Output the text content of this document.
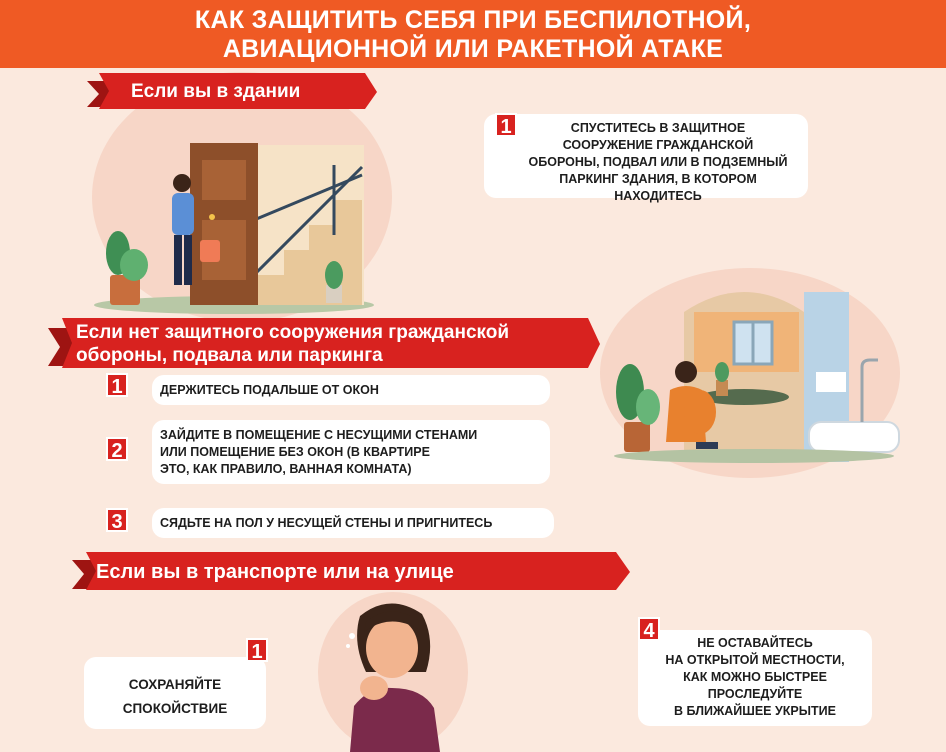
КАК ЗАЩИТИТЬ СЕБЯ ПРИ БЕСПИЛОТНОЙ,
АВИАЦИОННОЙ ИЛИ РАКЕТНОЙ АТАКЕ
Если вы в здании
СПУСТИТЕСЬ В ЗАЩИТНОЕ
СООРУЖЕНИЕ ГРАЖДАНСКОЙ
ОБОРОНЫ, ПОДВАЛ ИЛИ В ПОДЗЕМНЫЙ
ПАРКИНГ ЗДАНИЯ, В КОТОРОМ
НАХОДИТЕСЬ
1
Если нет защитного сооружения гражданской
обороны, подвала или паркинга
ДЕРЖИТЕСЬ ПОДАЛЬШЕ ОТ ОКОН
1
ЗАЙДИТЕ В ПОМЕЩЕНИЕ С НЕСУЩИМИ СТЕНАМИ
ИЛИ ПОМЕЩЕНИЕ БЕЗ ОКОН (В КВАРТИРЕ
ЭТО, КАК ПРАВИЛО, ВАННАЯ КОМНАТА)
2
СЯДЬТЕ НА ПОЛ У НЕСУЩЕЙ СТЕНЫ И ПРИГНИТЕСЬ
3
Если вы в транспорте или на улице
СОХРАНЯЙТЕ
СПОКОЙСТВИЕ
1	НЕ ОСТАВАЙТЕСЬ
НА ОТКРЫТОЙ МЕСТНОСТИ,
КАК МОЖНО БЫСТРЕЕ
ПРОСЛЕДУЙТЕ
В БЛИЖАЙШЕЕ УКРЫТИЕ
4
